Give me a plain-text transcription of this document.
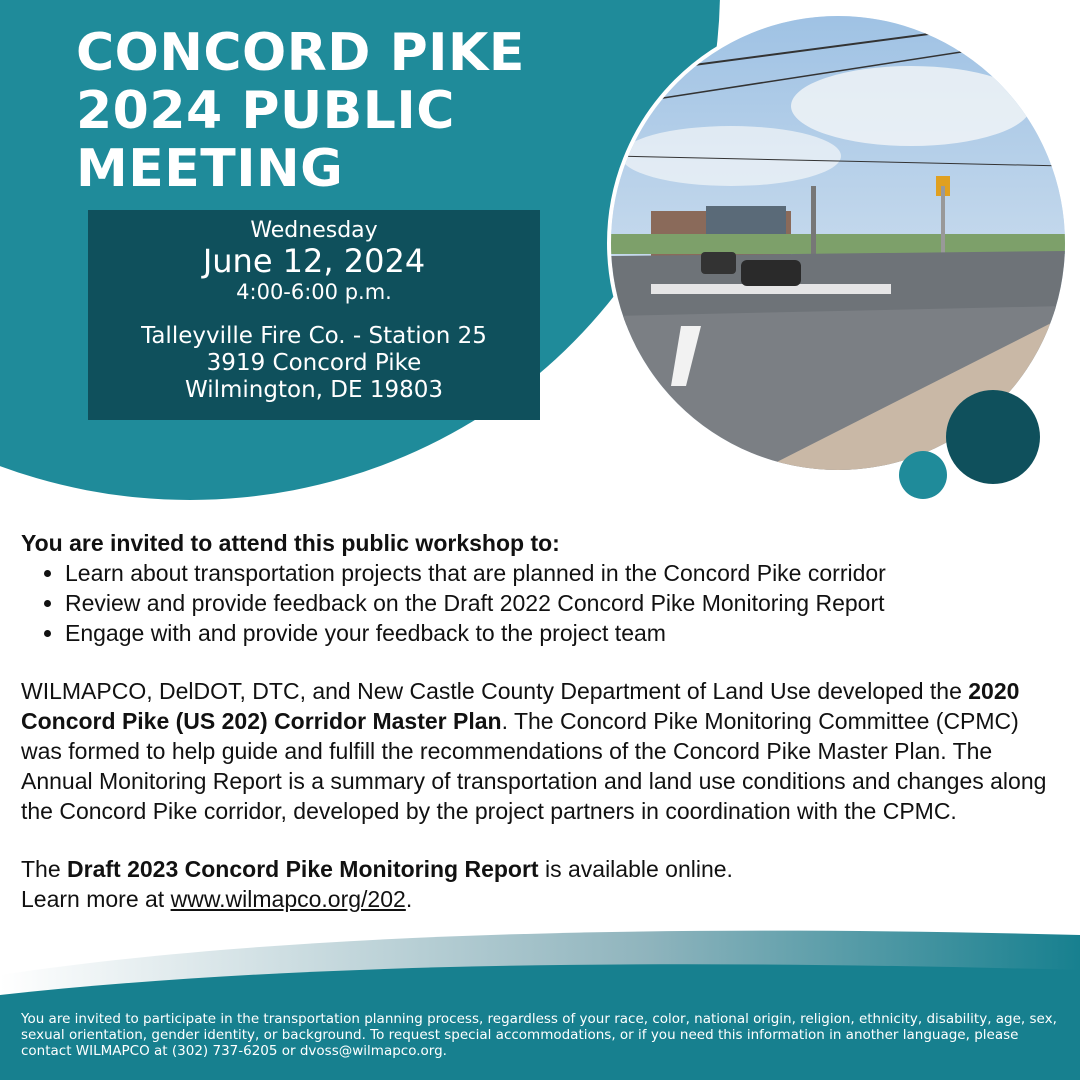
CONCORD PIKE
2024 PUBLIC
MEETING
Wednesday
June 12, 2024
4:00-6:00 p.m.
Talleyville Fire Co. - Station 25
3919 Concord Pike
Wilmington, DE 19803
You are invited to attend this public workshop to:
• Learn about transportation projects that are planned in the Concord Pike corridor
• Review and provide feedback on the Draft 2022 Concord Pike Monitoring Report
• Engage with and provide your feedback to the project team

WILMAPCO, DelDOT, DTC, and New Castle County Department of Land Use developed the 2020 Concord Pike (US 202) Corridor Master Plan. The Concord Pike Monitoring Committee (CPMC) was formed to help guide and fulfill the recommendations of the Concord Pike Master Plan. The Annual Monitoring Report is a summary of transportation and land use conditions and changes along the Concord Pike corridor, developed by the project partners in coordination with the CPMC.

The Draft 2023 Concord Pike Monitoring Report is available online.
Learn more at www.wilmapco.org/202.

You are invited to participate in the transportation planning process, regardless of your race, color, national origin, religion, ethnicity, disability, age, sex, sexual orientation, gender identity, or background. To request special accommodations, or if you need this information in another language, please contact WILMAPCO at (302) 737-6205 or dvoss@wilmapco.org.
